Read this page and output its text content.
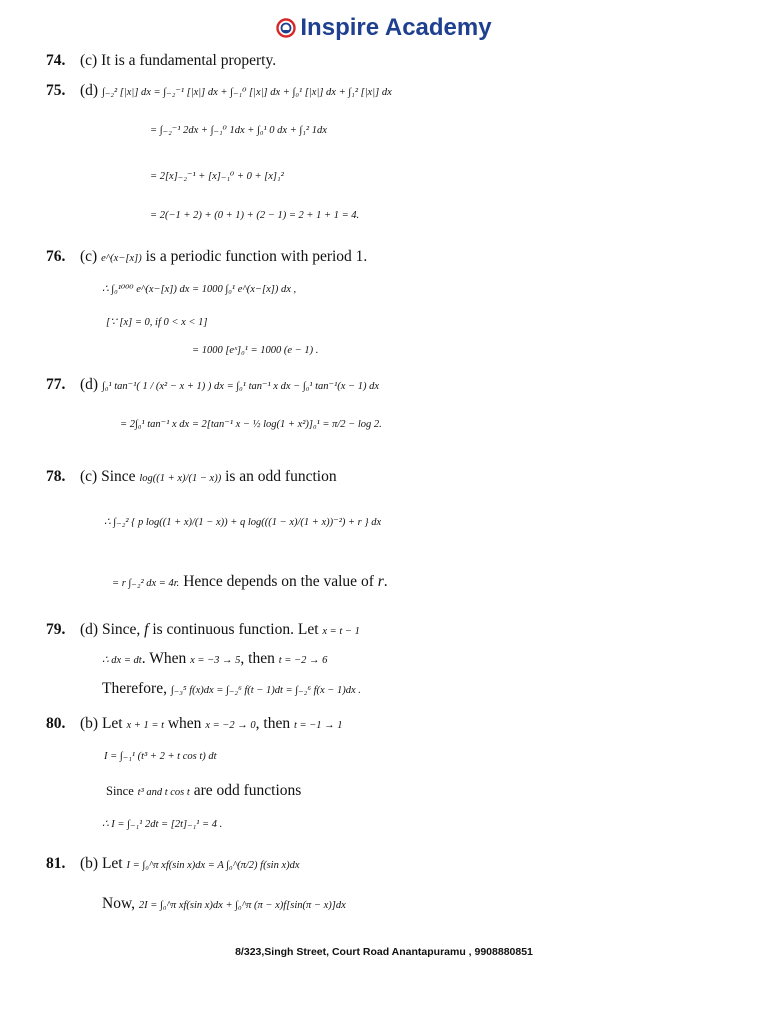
Inspire Academy
74. (c) It is a fundamental property.
75. (d) ∫₋₂² [|x|] dx = ∫₋₂⁻¹ [|x|] dx + ∫₋₁⁰ [|x|] dx + ∫₀¹ [|x|] dx + ∫₁² [|x|] dx
= ∫₋₂⁻¹ 2dx + ∫₋₁⁰ 1dx + ∫₀¹ 0 dx + ∫₁² 1dx
= 2[x]₋₂⁻¹ + [x]₋₁⁰ + 0 + [x]₁²
= 2(−1 + 2) + (0 + 1) + (2 − 1) = 2 + 1 + 1 = 4.
76. (c) e^(x−[x]) is a periodic function with period 1.
∴ ∫₀¹⁰⁰⁰ e^(x−[x]) dx = 1000 ∫₀¹ e^(x−[x]) dx ,
[∵ [x] = 0, if 0 < x < 1]
= 1000 [eˣ]₀¹ = 1000 (e − 1) .
77. (d) ∫₀¹ tan⁻¹( 1 / (x² − x + 1) ) dx = ∫₀¹ tan⁻¹ x dx − ∫₀¹ tan⁻¹(x − 1) dx
= 2∫₀¹ tan⁻¹ x dx = 2[tan⁻¹ x − ½ log(1 + x²)]₀¹ = π/2 − log 2.
78. (c) Since log((1 + x)/(1 − x)) is an odd function
∴ ∫₋₂² { p log((1 + x)/(1 − x)) + q log(((1 − x)/(1 + x))⁻²) + r } dx
= r ∫₋₂² dx = 4r. Hence depends on the value of r.
79. (d) Since, f is continuous function. Let x = t − 1
∴ dx = dt. When x = −3 → 5, then t = −2 → 6
Therefore, ∫₋₃⁵ f(x)dx = ∫₋₂⁶ f(t − 1)dt = ∫₋₂⁶ f(x − 1)dx .
80. (b) Let x + 1 = t when x = −2 → 0, then t = −1 → 1
I = ∫₋₁¹ (t³ + 2 + t cos t) dt
Since t³ and t cos t are odd functions
∴ I = ∫₋₁¹ 2dt = [2t]₋₁¹ = 4 .
81. (b) Let I = ∫₀^π xf(sin x)dx = A ∫₀^(π/2) f(sin x)dx
Now, 2I = ∫₀^π xf(sin x)dx + ∫₀^π (π − x)f[sin(π − x)]dx
8/323,Singh Street, Court Road Anantapuramu , 9908880851
